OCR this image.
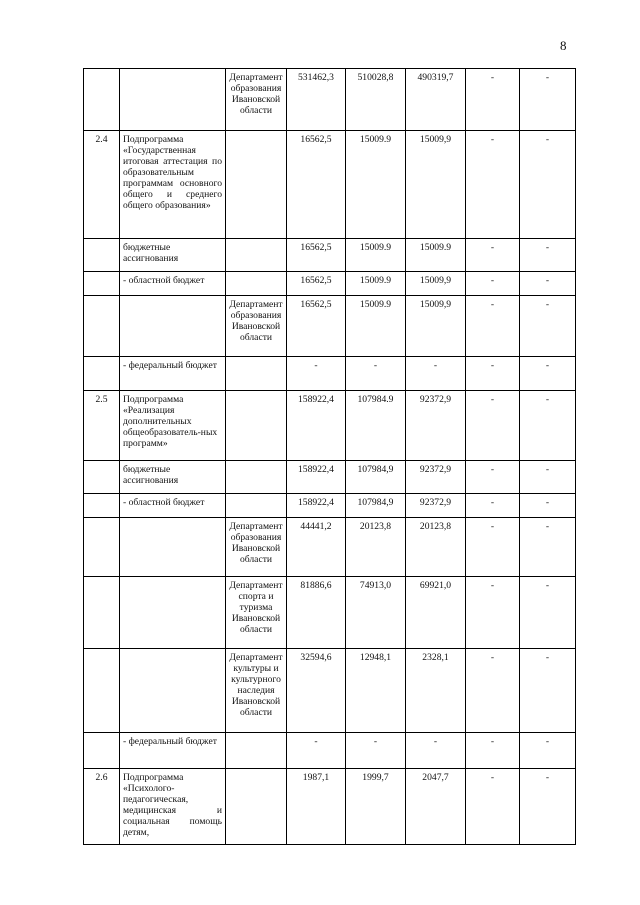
8
		Департамент образования Ивановской области	531462,3	510028,8	490319,7	-	-
2.4	Подпрограмма «Государственная итоговая аттестация по образовательным программам основного общего и среднего общего образования»		16562,5	15009.9	15009,9	-	-
	бюджетные ассигнования		16562,5	15009.9	15009.9	-	-
	- областной бюджет		16562,5	15009.9	15009,9	-	-
		Департамент образования Ивановской области	16562,5	15009.9	15009,9	-	-
	- федеральный бюджет		-	-	-	-	-
2.5	Подпрограмма «Реализация дополнительных общеобразователь-ных программ»		158922,4	107984.9	92372,9	-	-
	бюджетные ассигнования		158922,4	107984,9	92372,9	-	-
	- областной бюджет		158922,4	107984,9	92372,9	-	-
		Департамент образования Ивановской области	44441,2	20123,8	20123,8	-	-
		Департамент спорта и туризма Ивановской области	81886,6	74913,0	69921,0	-	-
		Департамент культуры и культурного наследия Ивановской области	32594,6	12948,1	2328,1	-	-
	- федеральный бюджет		-	-	-	-	-
2.6	Подпрограмма «Психолого-педагогическая, медицинская и социальная помощь детям,		1987,1	1999,7	2047,7	-	-
